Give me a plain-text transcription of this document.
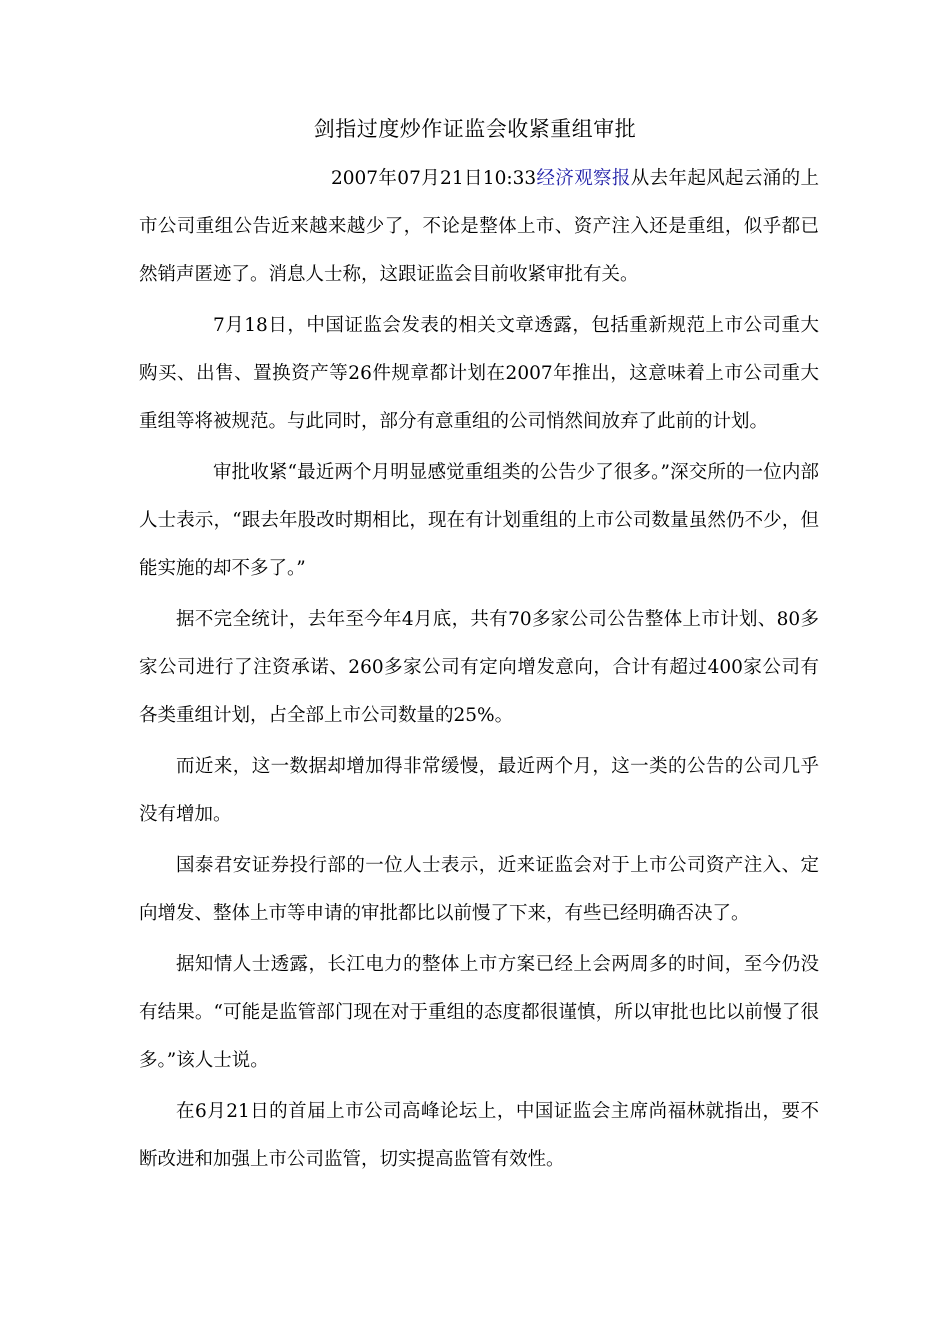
剑指过度炒作证监会收紧重组审批

2007年07月21日10:33经济观察报从去年起风起云涌的上市公司重组公告近来越来越少了，不论是整体上市、资产注入还是重组，似乎都已然销声匿迹了。消息人士称，这跟证监会目前收紧审批有关。

7月18日，中国证监会发表的相关文章透露，包括重新规范上市公司重大购买、出售、置换资产等26件规章都计划在2007年推出，这意味着上市公司重大重组等将被规范。与此同时，部分有意重组的公司悄然间放弃了此前的计划。

审批收紧“最近两个月明显感觉重组类的公告少了很多。”深交所的一位内部人士表示，“跟去年股改时期相比，现在有计划重组的上市公司数量虽然仍不少，但能实施的却不多了。”

据不完全统计，去年至今年4月底，共有70多家公司公告整体上市计划、80多家公司进行了注资承诺、260多家公司有定向增发意向，合计有超过400家公司有各类重组计划，占全部上市公司数量的25%。

而近来，这一数据却增加得非常缓慢，最近两个月，这一类的公告的公司几乎没有增加。

国泰君安证券投行部的一位人士表示，近来证监会对于上市公司资产注入、定向增发、整体上市等申请的审批都比以前慢了下来，有些已经明确否决了。

据知情人士透露，长江电力的整体上市方案已经上会两周多的时间，至今仍没有结果。“可能是监管部门现在对于重组的态度都很谨慎，所以审批也比以前慢了很多。”该人士说。

在6月21日的首届上市公司高峰论坛上，中国证监会主席尚福林就指出，要不断改进和加强上市公司监管，切实提高监管有效性。
